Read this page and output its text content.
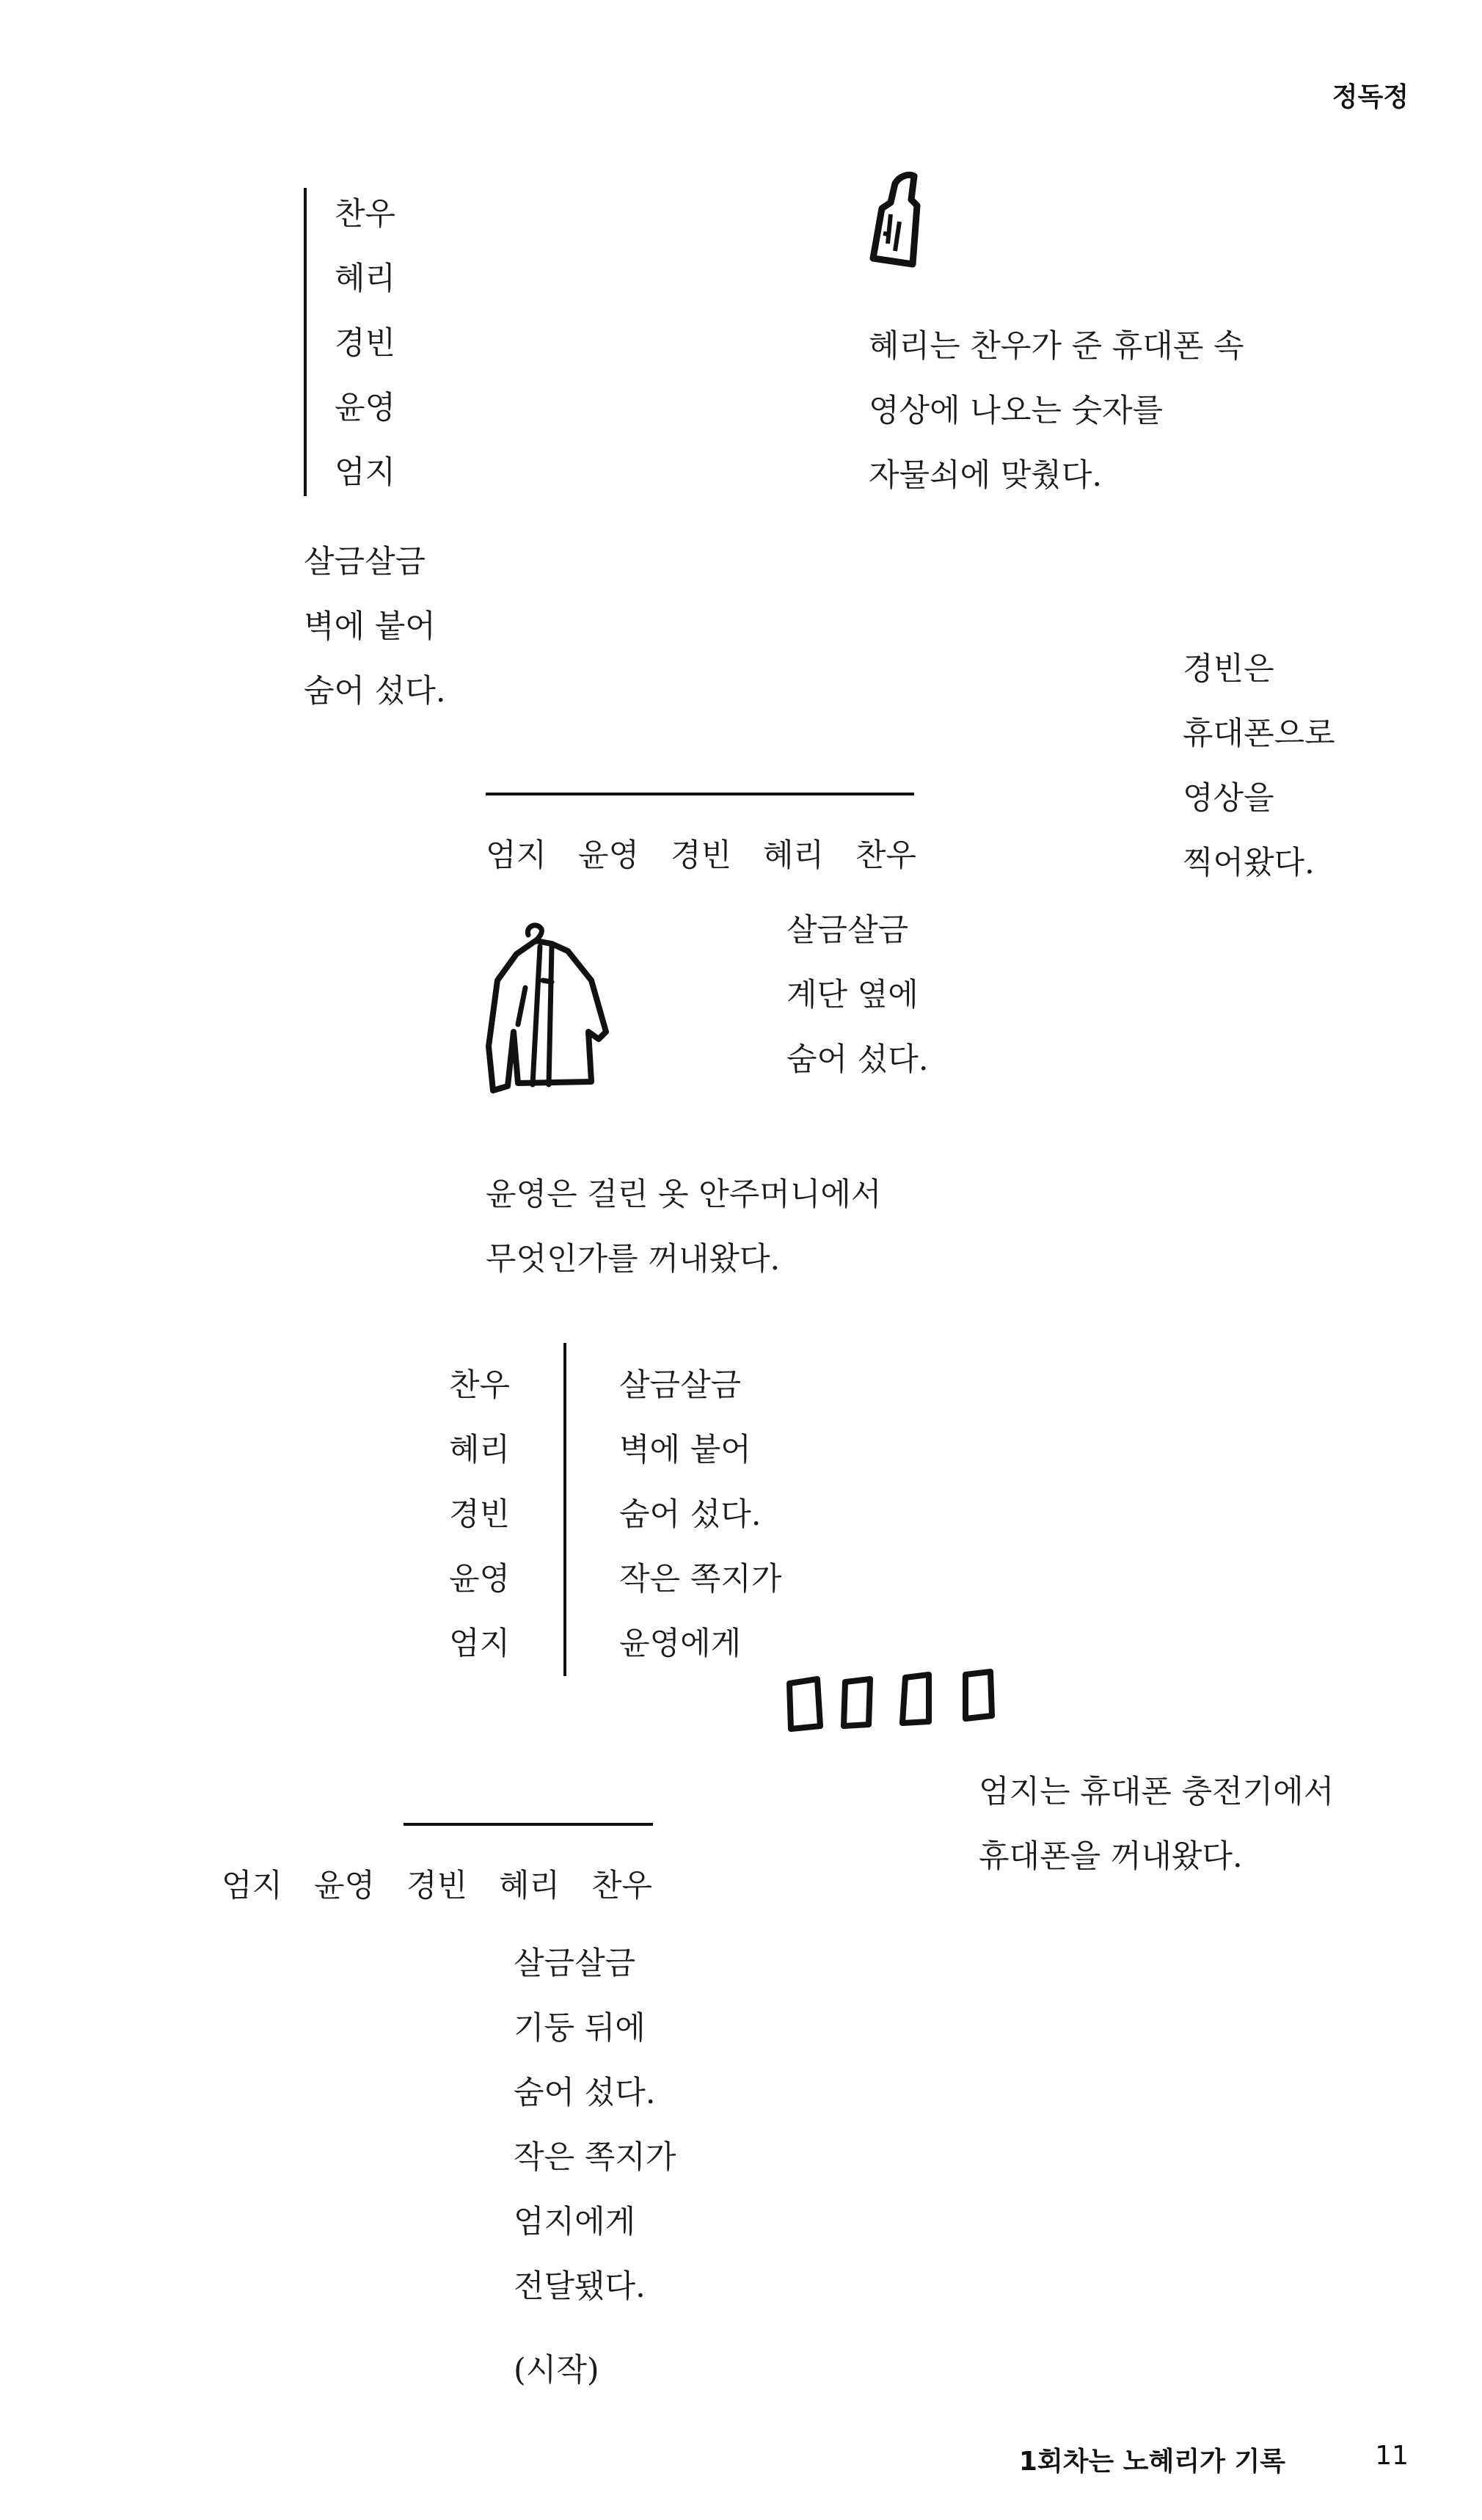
정독정
찬우
혜리
경빈
윤영
엄지
혜리는 찬우가 준 휴대폰 속
영상에 나오는 숫자를
자물쇠에 맞췄다.
살금살금
벽에 붙어
숨어 섰다.
경빈은
휴대폰으로
영상을
찍어왔다.
엄지 윤영 경빈 혜리 찬우
살금살금
계단 옆에
숨어 섰다.
윤영은 걸린 옷 안주머니에서
무엇인가를 꺼내왔다.
찬우
혜리
경빈
윤영
엄지
살금살금
벽에 붙어
숨어 섰다.
작은 쪽지가
윤영에게
엄지는 휴대폰 충전기에서
휴대폰을 꺼내왔다.
엄지 윤영 경빈 혜리 찬우
살금살금
기둥 뒤에
숨어 섰다.
작은 쪽지가
엄지에게
전달됐다.
(시작)
1회차는 노혜리가 기록	11
